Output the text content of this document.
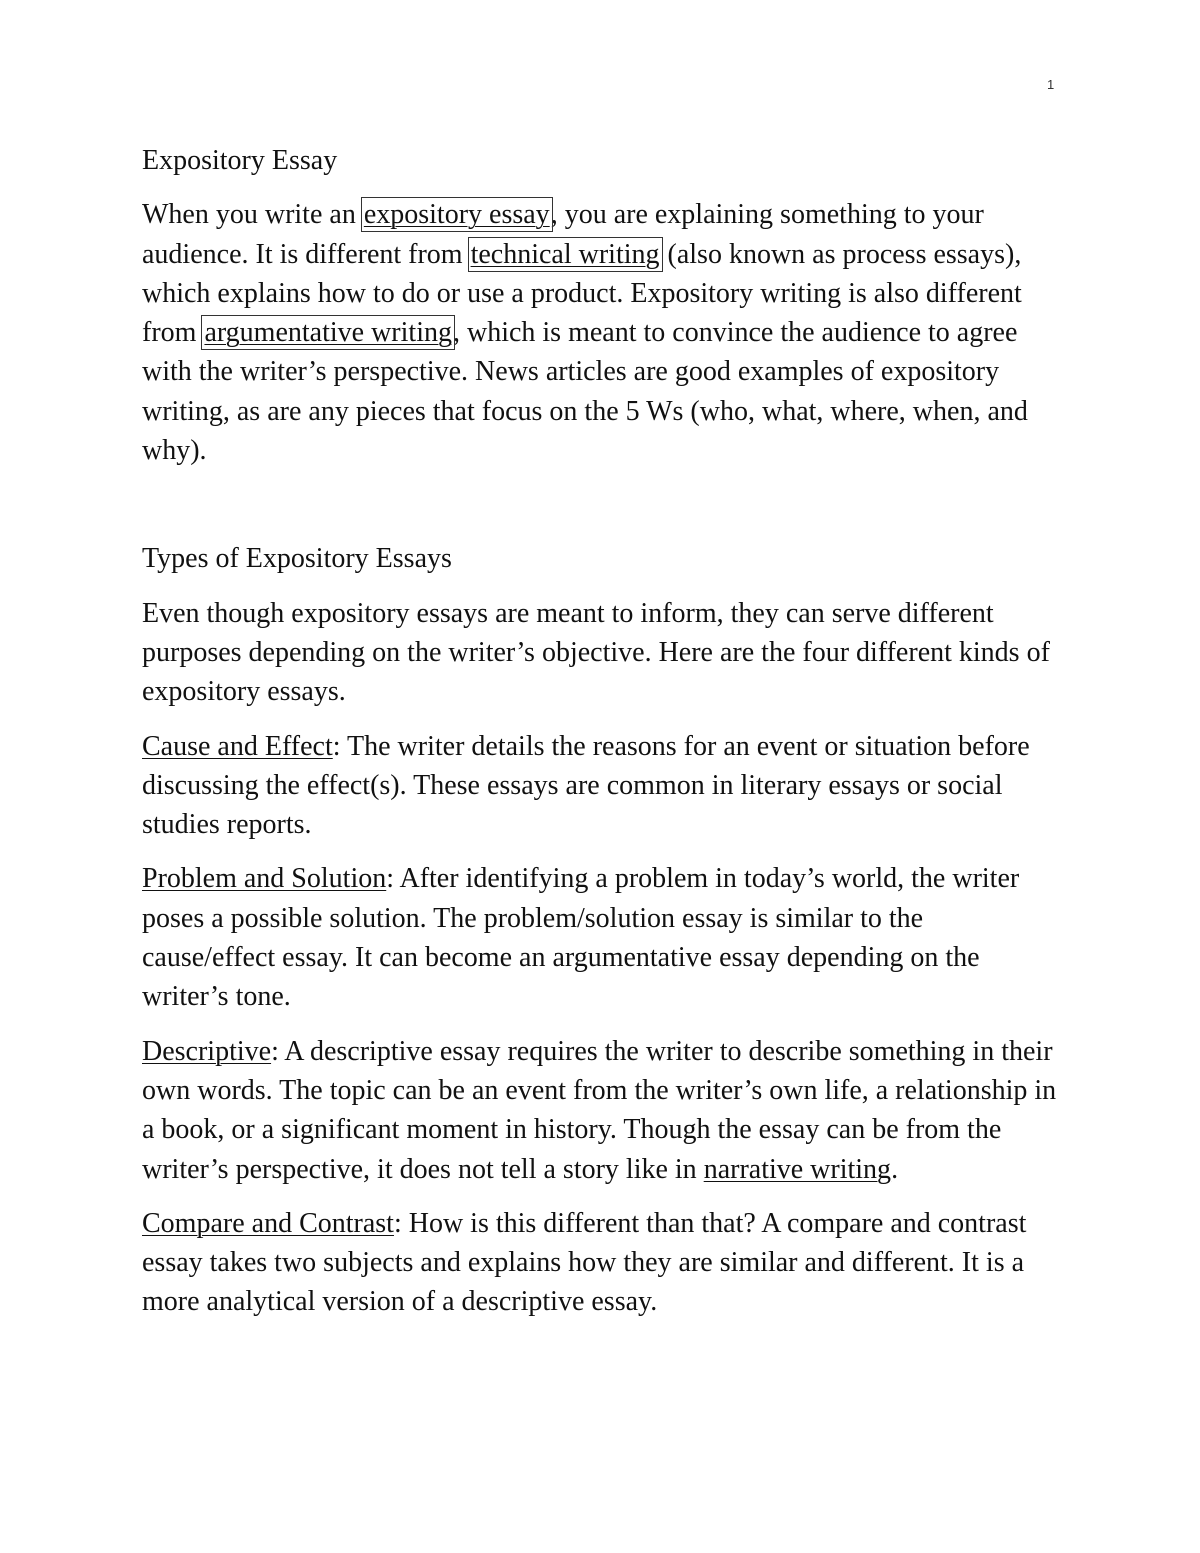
1

Expository Essay

When you write an expository essay, you are explaining something to your audience. It is different from technical writing (also known as process essays), which explains how to do or use a product. Expository writing is also different from argumentative writing, which is meant to convince the audience to agree with the writer’s perspective. News articles are good examples of expository writing, as are any pieces that focus on the 5 Ws (who, what, where, when, and why).

Types of Expository Essays

Even though expository essays are meant to inform, they can serve different purposes depending on the writer’s objective. Here are the four different kinds of expository essays.

Cause and Effect: The writer details the reasons for an event or situation before discussing the effect(s). These essays are common in literary essays or social studies reports.

Problem and Solution: After identifying a problem in today’s world, the writer poses a possible solution. The problem/solution essay is similar to the cause/effect essay. It can become an argumentative essay depending on the writer’s tone.

Descriptive: A descriptive essay requires the writer to describe something in their own words. The topic can be an event from the writer’s own life, a relationship in a book, or a significant moment in history. Though the essay can be from the writer’s perspective, it does not tell a story like in narrative writing.

Compare and Contrast: How is this different than that? A compare and contrast essay takes two subjects and explains how they are similar and different. It is a more analytical version of a descriptive essay.
